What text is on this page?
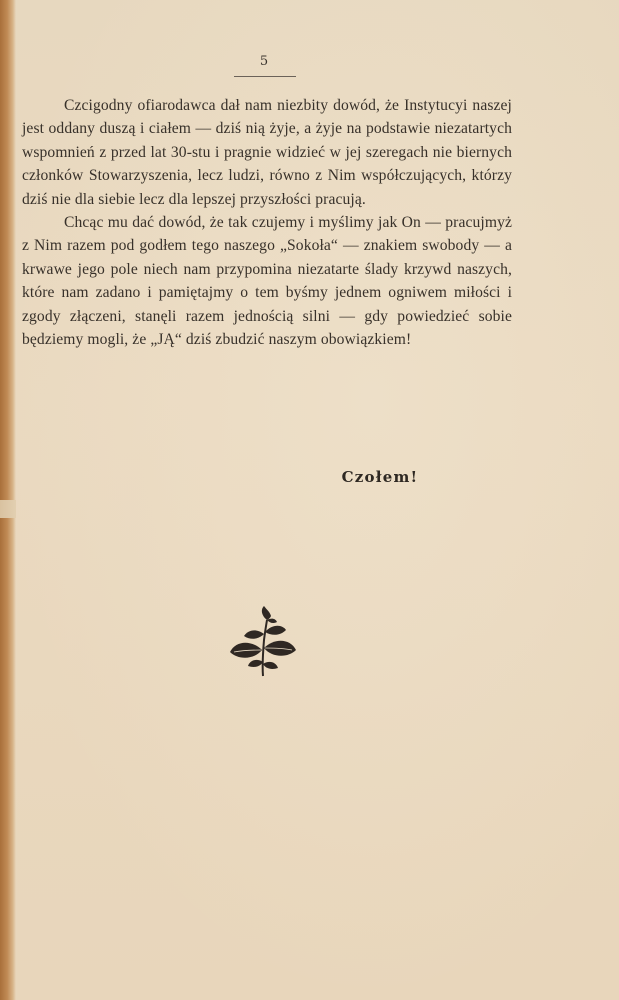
5

Czcigodny ofiarodawca dał nam niezbity dowód, że Instytucyi naszej jest oddany duszą i ciałem — dziś nią żyje, a żyje na podstawie niezatartych wspomnień z przed lat 30-stu i pragnie widzieć w jej szeregach nie biernych członków Stowarzyszenia, lecz ludzi, równo z Nim współczujących, którzy dziś nie dla siebie lecz dla lepszej przyszłości pracują.

Chcąc mu dać dowód, że tak czujemy i myślimy jak On — pracujmyż z Nim razem pod godłem tego naszego „Sokoła“ — znakiem swobody — a krwawe jego pole niech nam przypomina niezatarte ślady krzywd naszych, które nam zadano i pamiętajmy o tem byśmy jednem ogniwem miłości i zgody złączeni, stanęli razem jednością silni — gdy powiedzieć sobie będziemy mogli, że „JĄ“ dziś zbudzić naszym obowiązkiem!

Czołem!
